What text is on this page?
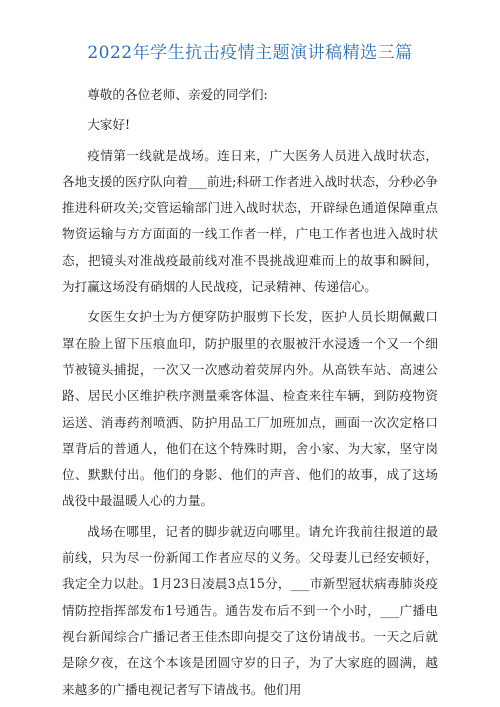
2022年学生抗击疫情主题演讲稿精选三篇

尊敬的各位老师、亲爱的同学们:

大家好!

疫情第一线就是战场。连日来，广大医务人员进入战时状态，各地支援的医疗队向着___前进;科研工作者进入战时状态，分秒必争推进科研攻关;交管运输部门进入战时状态，开辟绿色通道保障重点物资运输与方方面面的一线工作者一样，广电工作者也进入战时状态，把镜头对准战疫最前线对准不畏挑战迎难而上的故事和瞬间，为打赢这场没有硝烟的人民战疫，记录精神、传递信心。

女医生女护士为方便穿防护服剪下长发，医护人员长期佩戴口罩在脸上留下压痕血印，防护服里的衣服被汗水浸透一个又一个细节被镜头捕捉，一次又一次感动着荧屏内外。从高铁车站、高速公路、居民小区维护秩序测量乘客体温、检查来往车辆，到防疫物资运送、消毒药剂喷洒、防护用品工厂加班加点，画面一次次定格口罩背后的普通人，他们在这个特殊时期，舍小家、为大家，坚守岗位、默默付出。他们的身影、他们的声音、他们的故事，成了这场战役中最温暖人心的力量。

战场在哪里，记者的脚步就迈向哪里。请允许我前往报道的最前线，只为尽一份新闻工作者应尽的义务。父母妻儿已经安顿好，我定全力以赴。1月23日凌晨3点15分，___市新型冠状病毒肺炎疫情防控指挥部发布1号通告。通告发布后不到一个小时，___广播电视台新闻综合广播记者王佳杰即向提交了这份请战书。一天之后就是除夕夜，在这个本该是团圆守岁的日子，为了大家庭的圆满，越来越多的广播电视记者写下请战书。他们用
